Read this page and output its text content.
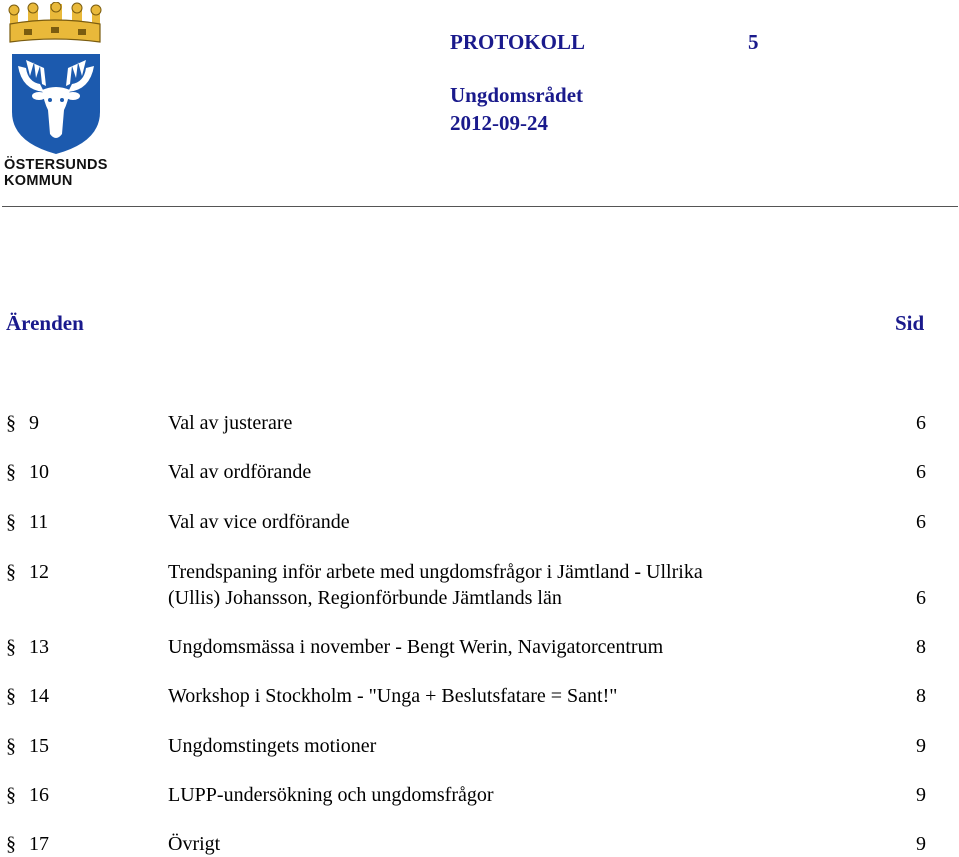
ÖSTERSUNDS
KOMMUN
PROTOKOLL	5
Ungdomsrådet
2012-09-24
Ärenden	Sid
§ 9	Val av justerare	6
§ 10	Val av ordförande	6
§ 11	Val av vice ordförande	6
§ 12	Trendspaning inför arbete med ungdomsfrågor i Jämtland - Ullrika
(Ullis) Johansson, Regionförbunde Jämtlands län	6
§ 13	Ungdomsmässa i november - Bengt Werin, Navigatorcentrum	8
§ 14	Workshop i Stockholm - "Unga + Beslutsfatare = Sant!"	8
§ 15	Ungdomstingets motioner	9
§ 16	LUPP-undersökning och ungdomsfrågor	9
§ 17	Övrigt	9
